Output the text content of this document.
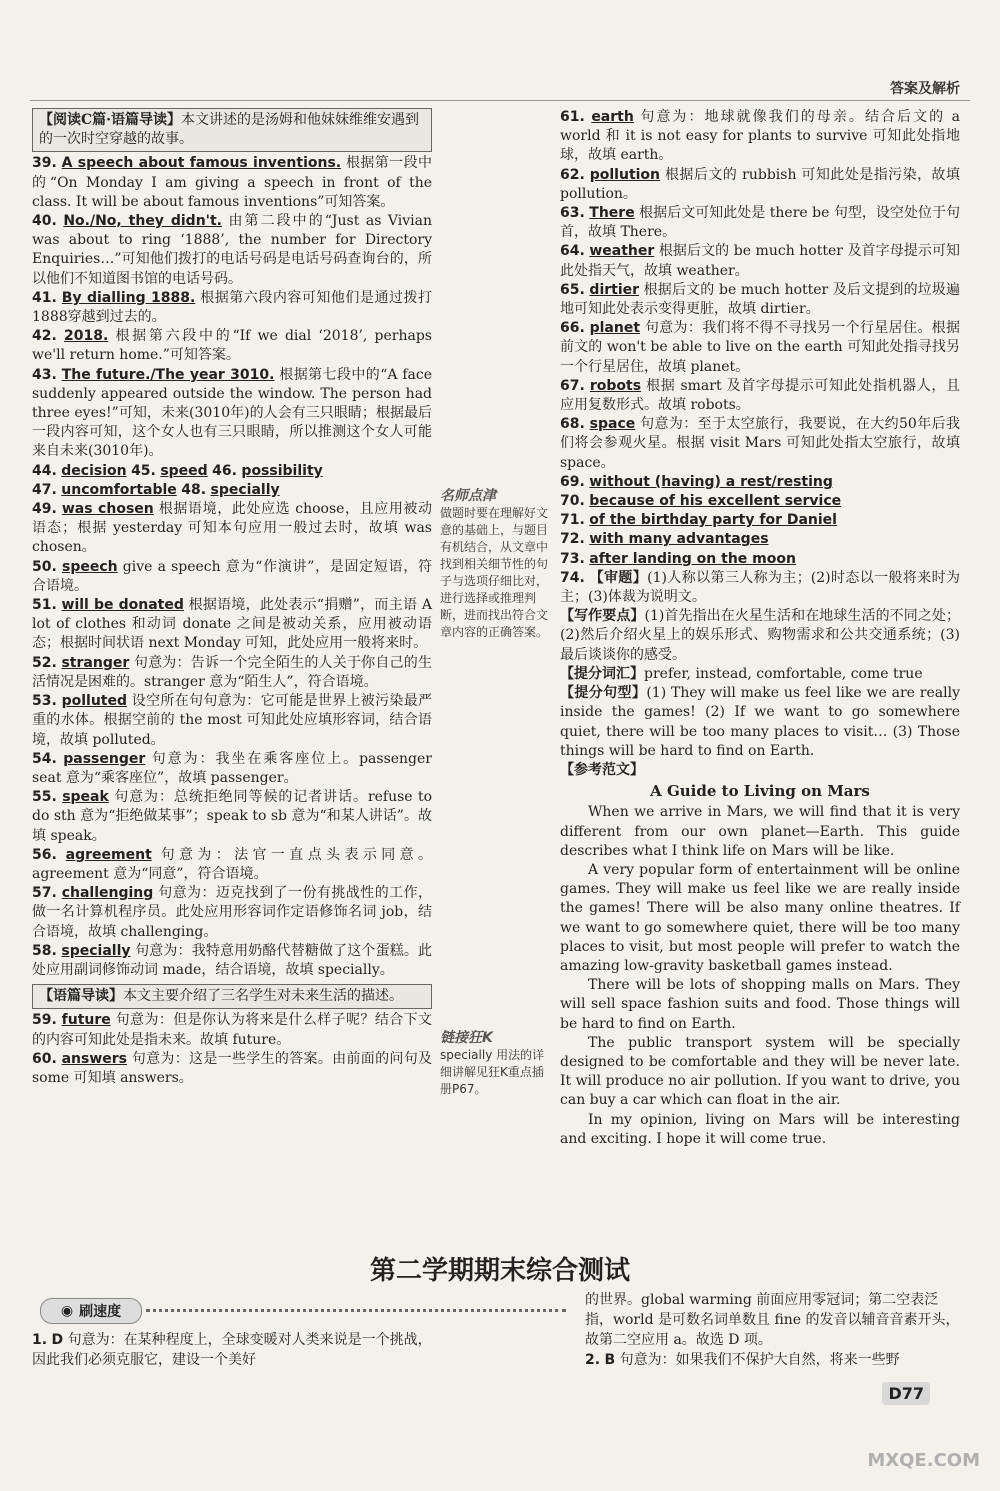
答案及解析
【阅读C篇·语篇导读】本文讲述的是汤姆和他妹妹维维安遇到的一次时空穿越的故事。
39. A speech about famous inventions. 根据第一段中的“On Monday I am giving a speech in front of the class. It will be about famous inventions”可知答案。
40. No./No, they didn't. 由第二段中的“Just as Vivian was about to ring ‘1888’, the number for Directory Enquiries…”可知他们拨打的电话号码是电话号码查询台的，所以他们不知道图书馆的电话号码。
41. By dialling 1888. 根据第六段内容可知他们是通过拨打1888穿越到过去的。
42. 2018. 根据第六段中的“If we dial ‘2018’, perhaps we'll return home.”可知答案。
43. The future./The year 3010. 根据第七段中的“A face suddenly appeared outside the window. The person had three eyes!”可知，未来(3010年)的人会有三只眼睛；根据最后一段内容可知，这个女人也有三只眼睛，所以推测这个女人可能来自未来(3010年)。
44. decision 45. speed 46. possibility
47. uncomfortable 48. specially
49. was chosen 根据语境，此处应选 choose，且应用被动语态；根据 yesterday 可知本句应用一般过去时，故填 was chosen。
50. speech give a speech 意为“作演讲”，是固定短语，符合语境。
51. will be donated 根据语境，此处表示“捐赠”，而主语 A lot of clothes 和动词 donate 之间是被动关系，应用被动语态；根据时间状语 next Monday 可知，此处应用一般将来时。
52. stranger 句意为：告诉一个完全陌生的人关于你自己的生活情况是困难的。stranger 意为“陌生人”，符合语境。
53. polluted 设空所在句句意为：它可能是世界上被污染最严重的水体。根据空前的 the most 可知此处应填形容词，结合语境，故填 polluted。
54. passenger 句意为：我坐在乘客座位上。passenger seat 意为“乘客座位”，故填 passenger。
55. speak 句意为：总统拒绝同等候的记者讲话。refuse to do sth 意为“拒绝做某事”；speak to sb 意为“和某人讲话”。故填 speak。
56. agreement 句意为：法官一直点头表示同意。agreement 意为“同意”，符合语境。
57. challenging 句意为：迈克找到了一份有挑战性的工作，做一名计算机程序员。此处应用形容词作定语修饰名词 job，结合语境，故填 challenging。
58. specially 句意为：我特意用奶酪代替糖做了这个蛋糕。此处应用副词修饰动词 made，结合语境，故填 specially。
【语篇导读】本文主要介绍了三名学生对未来生活的描述。
59. future 句意为：但是你认为将来是什么样子呢？结合下文的内容可知此处是指未来。故填 future。
60. answers 句意为：这是一些学生的答案。由前面的问句及 some 可知填 answers。
名师点津
做题时要在理解好文意的基础上，与题目有机结合，从文章中找到相关细节性的句子与选项仔细比对，进行选择或推理判断，进而找出符合文章内容的正确答案。
链接狂K
specially 用法的详细讲解见狂K重点插册P67。
61. earth 句意为：地球就像我们的母亲。结合后文的 a world 和 it is not easy for plants to survive 可知此处指地球，故填 earth。
62. pollution 根据后文的 rubbish 可知此处是指污染，故填 pollution。
63. There 根据后文可知此处是 there be 句型，设空处位于句首，故填 There。
64. weather 根据后文的 be much hotter 及首字母提示可知此处指天气，故填 weather。
65. dirtier 根据后文的 be much hotter 及后文提到的垃圾遍地可知此处表示变得更脏，故填 dirtier。
66. planet 句意为：我们将不得不寻找另一个行星居住。根据前文的 won't be able to live on the earth 可知此处指寻找另一个行星居住，故填 planet。
67. robots 根据 smart 及首字母提示可知此处指机器人，且应用复数形式。故填 robots。
68. space 句意为：至于太空旅行，我要说，在大约50年后我们将会参观火星。根据 visit Mars 可知此处指太空旅行，故填 space。
69. without (having) a rest/resting
70. because of his excellent service
71. of the birthday party for Daniel
72. with many advantages
73. after landing on the moon
74. 【审题】(1)人称以第三人称为主；(2)时态以一般将来时为主；(3)体裁为说明文。
【写作要点】(1)首先指出在火星生活和在地球生活的不同之处；(2)然后介绍火星上的娱乐形式、购物需求和公共交通系统；(3)最后谈谈你的感受。
【提分词汇】prefer, instead, comfortable, come true
【提分句型】(1) They will make us feel like we are really inside the games! (2) If we want to go somewhere quiet, there will be too many places to visit… (3) Those things will be hard to find on Earth.
【参考范文】
A Guide to Living on Mars

When we arrive in Mars, we will find that it is very different from our own planet—Earth. This guide describes what I think life on Mars will be like.

A very popular form of entertainment will be online games. They will make us feel like we are really inside the games! There will be also many online theatres. If we want to go somewhere quiet, there will be too many places to visit, but most people will prefer to watch the amazing low-gravity basketball games instead.

There will be lots of shopping malls on Mars. They will sell space fashion suits and food. Those things will be hard to find on Earth.

The public transport system will be specially designed to be comfortable and they will be never late. It will produce no air pollution. If you want to drive, you can buy a car which can float in the air.

In my opinion, living on Mars will be interesting and exciting. I hope it will come true.

第二学期期末综合测试
◉ 刷速度
1. D 句意为：在某种程度上，全球变暖对人类来说是一个挑战，因此我们必须克服它，建设一个美好
的世界。global warming 前面应用零冠词；第二空表泛指，world 是可数名词单数且 fine 的发音以辅音音素开头，故第二空应用 a。故选 D 项。
2. B 句意为：如果我们不保护大自然，将来一些野
D77
MXQE.COM
